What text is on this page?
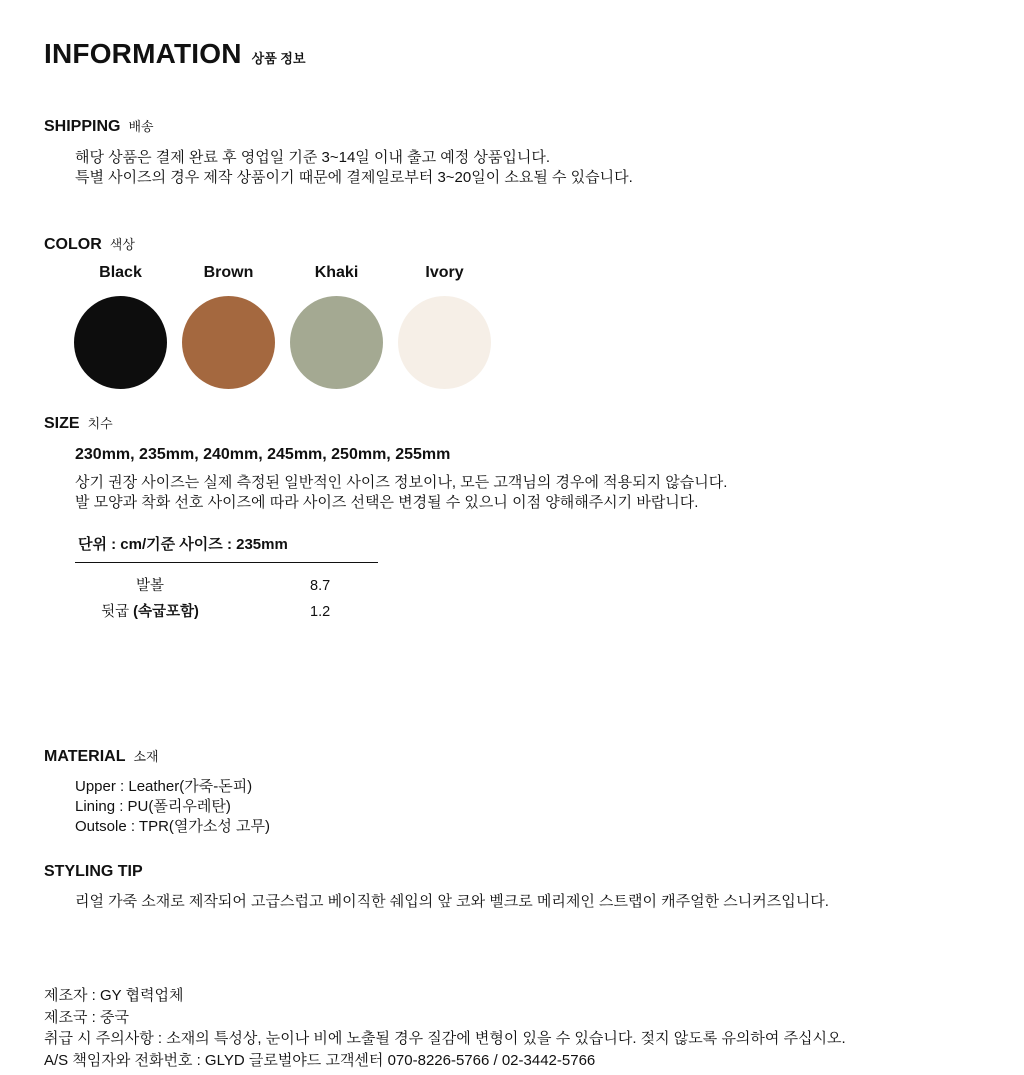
INFORMATION 상품 정보
SHIPPING 배송
해당 상품은 결제 완료 후 영업일 기준 3~14일 이내 출고 예정 상품입니다.
특별 사이즈의 경우 제작 상품이기 때문에 결제일로부터 3~20일이 소요될 수 있습니다.
COLOR 색상
Black	Brown	Khaki	Ivory
SIZE 치수
230mm, 235mm, 240mm, 245mm, 250mm, 255mm
상기 권장 사이즈는 실제 측정된 일반적인 사이즈 정보이나, 모든 고객님의 경우에 적용되지 않습니다.
발 모양과 착화 선호 사이즈에 따라 사이즈 선택은 변경될 수 있으니 이점 양해해주시기 바랍니다.
단위 : cm/기준 사이즈 : 235mm
발볼	8.7
뒷굽 (속굽포함)	1.2
MATERIAL 소재
Upper : Leather(가죽-돈피)
Lining : PU(폴리우레탄)
Outsole : TPR(열가소성 고무)
STYLING TIP
리얼 가죽 소재로 제작되어 고급스럽고 베이직한 쉐입의 앞 코와 벨크로 메리제인 스트랩이 캐주얼한 스니커즈입니다.
제조자 : GY 협력업체
제조국 : 중국
취급 시 주의사항 : 소재의 특성상, 눈이나 비에 노출될 경우 질감에 변형이 있을 수 있습니다. 젖지 않도록 유의하여 주십시오.
A/S 책임자와 전화번호 : GLYD 글로벌야드 고객센터 070-8226-5766 / 02-3442-5766
